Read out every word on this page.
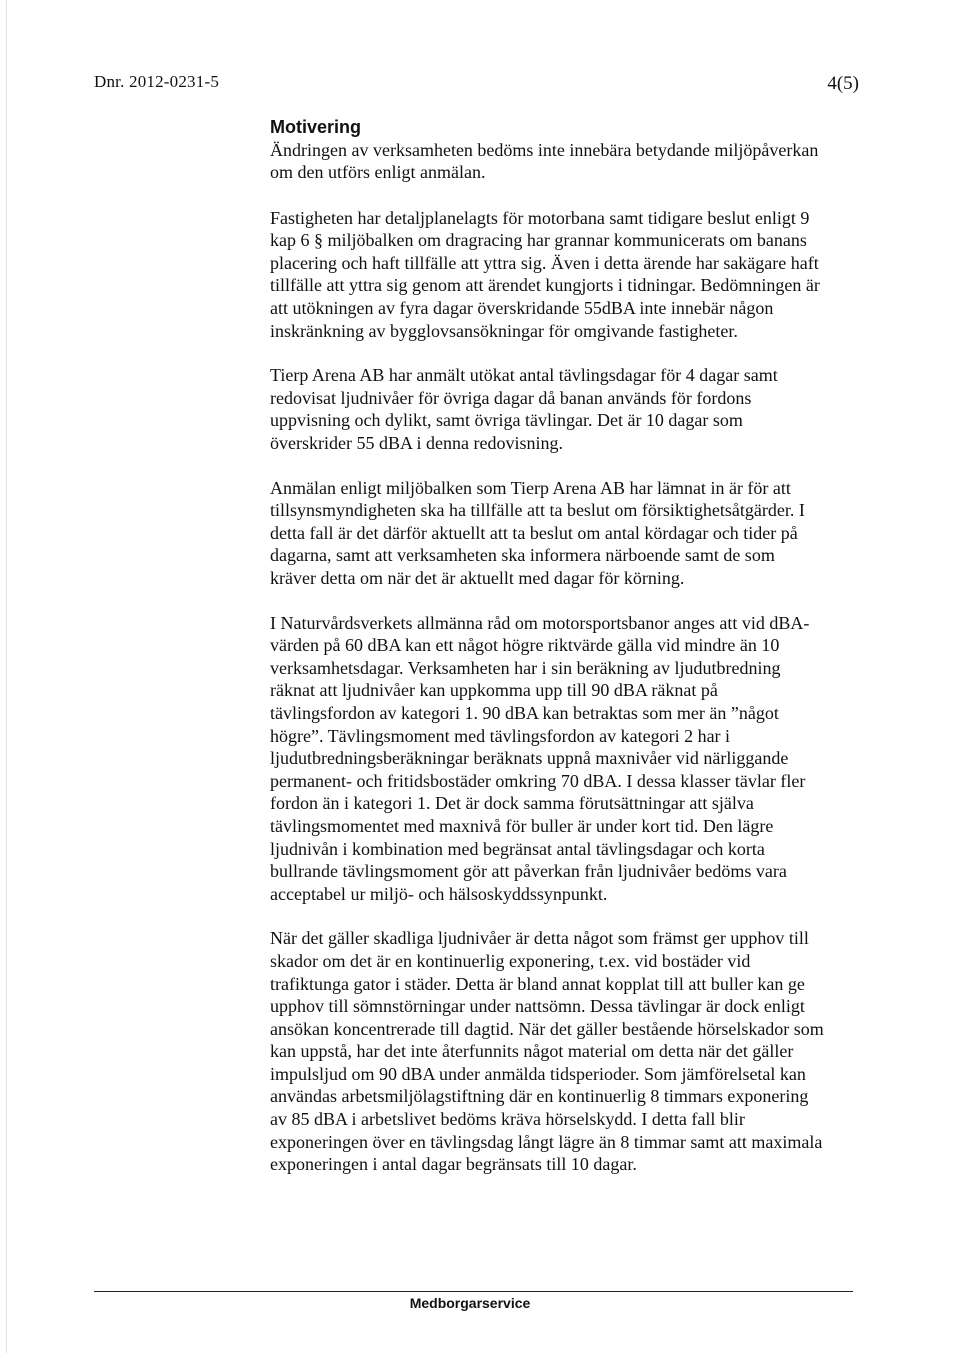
Dnr. 2012-0231-5	4(5)
Motivering

Ändringen av verksamheten bedöms inte innebära betydande miljöpåverkan
om den utförs enligt anmälan.

Fastigheten har detaljplanelagts för motorbana samt tidigare beslut enligt 9
kap 6 § miljöbalken om dragracing har grannar kommunicerats om banans
placering och haft tillfälle att yttra sig. Även i detta ärende har sakägare haft
tillfälle att yttra sig genom att ärendet kungjorts i tidningar. Bedömningen är
att utökningen av fyra dagar överskridande 55dBA inte innebär någon
inskränkning av bygglovsansökningar för omgivande fastigheter.

Tierp Arena AB har anmält utökat antal tävlingsdagar för 4 dagar samt
redovisat ljudnivåer för övriga dagar då banan används för fordons
uppvisning och dylikt, samt övriga tävlingar. Det är 10 dagar som
överskrider 55 dBA i denna redovisning.

Anmälan enligt miljöbalken som Tierp Arena AB har lämnat in är för att
tillsynsmyndigheten ska ha tillfälle att ta beslut om försiktighetsåtgärder. I
detta fall är det därför aktuellt att ta beslut om antal kördagar och tider på
dagarna, samt att verksamheten ska informera närboende samt de som
kräver detta om när det är aktuellt med dagar för körning.

I Naturvårdsverkets allmänna råd om motorsportsbanor anges att vid dBA-
värden på 60 dBA kan ett något högre riktvärde gälla vid mindre än 10
verksamhetsdagar. Verksamheten har i sin beräkning av ljudutbredning
räknat att ljudnivåer kan uppkomma upp till 90 dBA räknat på
tävlingsfordon av kategori 1. 90 dBA kan betraktas som mer än ”något
högre”. Tävlingsmoment med tävlingsfordon av kategori 2 har i
ljudutbredningsberäkningar beräknats uppnå maxnivåer vid närliggande
permanent- och fritidsbostäder omkring 70 dBA. I dessa klasser tävlar fler
fordon än i kategori 1. Det är dock samma förutsättningar att själva
tävlingsmomentet med maxnivå för buller är under kort tid. Den lägre
ljudnivån i kombination med begränsat antal tävlingsdagar och korta
bullrande tävlingsmoment gör att påverkan från ljudnivåer bedöms vara
acceptabel ur miljö- och hälsoskyddssynpunkt.

När det gäller skadliga ljudnivåer är detta något som främst ger upphov till
skador om det är en kontinuerlig exponering, t.ex. vid bostäder vid
trafiktunga gator i städer. Detta är bland annat kopplat till att buller kan ge
upphov till sömnstörningar under nattsömn. Dessa tävlingar är dock enligt
ansökan koncentrerade till dagtid. När det gäller bestående hörselskador som
kan uppstå, har det inte återfunnits något material om detta när det gäller
impulsljud om 90 dBA under anmälda tidsperioder. Som jämförelsetal kan
användas arbetsmiljölagstiftning där en kontinuerlig 8 timmars exponering
av 85 dBA i arbetslivet bedöms kräva hörselskydd. I detta fall blir
exponeringen över en tävlingsdag långt lägre än 8 timmar samt att maximala
exponeringen i antal dagar begränsats till 10 dagar.

Medborgarservice
